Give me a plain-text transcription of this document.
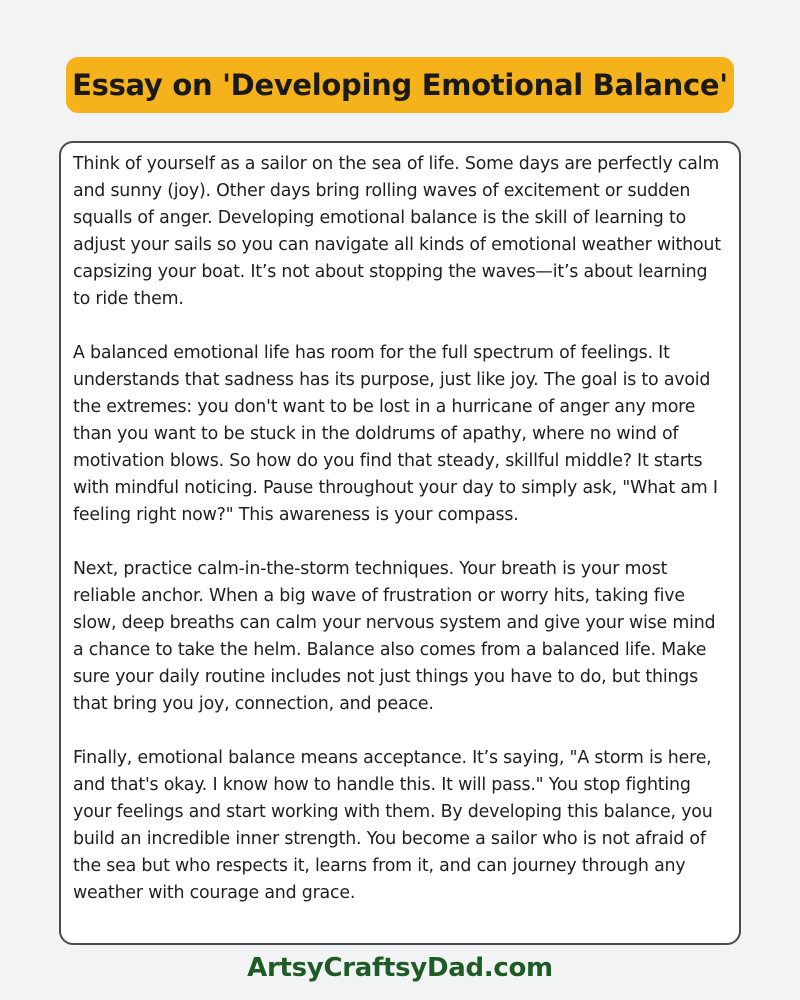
Essay on 'Developing Emotional Balance'

Think of yourself as a sailor on the sea of life. Some days are perfectly calm and sunny (joy). Other days bring rolling waves of excitement or sudden squalls of anger. Developing emotional balance is the skill of learning to adjust your sails so you can navigate all kinds of emotional weather without capsizing your boat. It’s not about stopping the waves—it’s about learning to ride them.

A balanced emotional life has room for the full spectrum of feelings. It understands that sadness has its purpose, just like joy. The goal is to avoid the extremes: you don't want to be lost in a hurricane of anger any more than you want to be stuck in the doldrums of apathy, where no wind of motivation blows. So how do you find that steady, skillful middle? It starts with mindful noticing. Pause throughout your day to simply ask, "What am I feeling right now?" This awareness is your compass.

Next, practice calm-in-the-storm techniques. Your breath is your most reliable anchor. When a big wave of frustration or worry hits, taking five slow, deep breaths can calm your nervous system and give your wise mind a chance to take the helm. Balance also comes from a balanced life. Make sure your daily routine includes not just things you have to do, but things that bring you joy, connection, and peace.

Finally, emotional balance means acceptance. It’s saying, "A storm is here, and that's okay. I know how to handle this. It will pass." You stop fighting your feelings and start working with them. By developing this balance, you build an incredible inner strength. You become a sailor who is not afraid of the sea but who respects it, learns from it, and can journey through any weather with courage and grace.

ArtsyCraftsyDad.com
